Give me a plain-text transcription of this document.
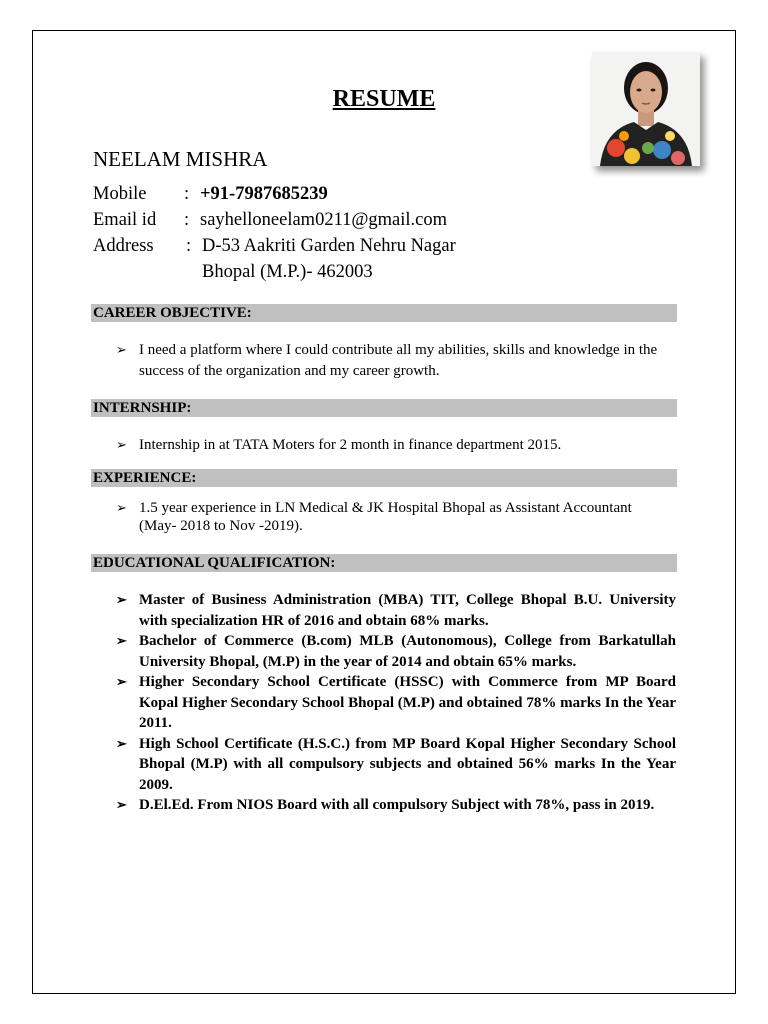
RESUME
NEELAM MISHRA
Mobile : +91-7987685239
Email id : sayhelloneelam0211@gmail.com
Address : D-53 Aakriti Garden Nehru Nagar
Bhopal (M.P.)- 462003
CAREER OBJECTIVE:
➢ I need a platform where I could contribute all my abilities, skills and knowledge in the success of the organization and my career growth.
INTERNSHIP:
➢ Internship in at TATA Moters for 2 month in finance department 2015.
EXPERIENCE:
➢ 1.5 year experience in LN Medical & JK Hospital Bhopal as Assistant Accountant (May- 2018 to Nov -2019).
EDUCATIONAL QUALIFICATION:
➢ Master of Business Administration (MBA) TIT, College Bhopal B.U. University with specialization HR of 2016 and obtain 68% marks.
➢ Bachelor of Commerce (B.com) MLB (Autonomous), College from Barkatullah University Bhopal, (M.P) in the year of 2014 and obtain 65% marks.
➢ Higher Secondary School Certificate (HSSC) with Commerce from MP Board Kopal Higher Secondary School Bhopal (M.P) and obtained 78% marks In the Year 2011.
➢ High School Certificate (H.S.C.) from MP Board Kopal Higher Secondary School Bhopal (M.P) with all compulsory subjects and obtained 56% marks In the Year 2009.
➢ D.El.Ed. From NIOS Board with all compulsory Subject with 78%, pass in 2019.
